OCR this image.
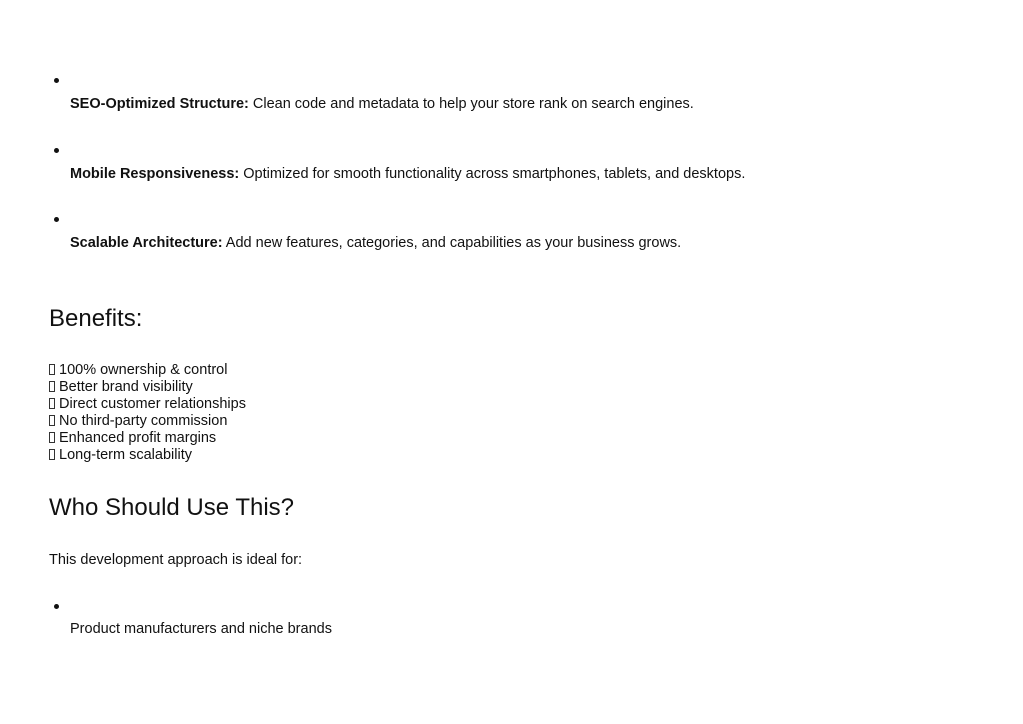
SEO-Optimized Structure: Clean code and metadata to help your store rank on search engines.
Mobile Responsiveness: Optimized for smooth functionality across smartphones, tablets, and desktops.
Scalable Architecture: Add new features, categories, and capabilities as your business grows.
Benefits:
100% ownership & control
Better brand visibility
Direct customer relationships
No third-party commission
Enhanced profit margins
Long-term scalability
Who Should Use This?

This development approach is ideal for:

Product manufacturers and niche brands
